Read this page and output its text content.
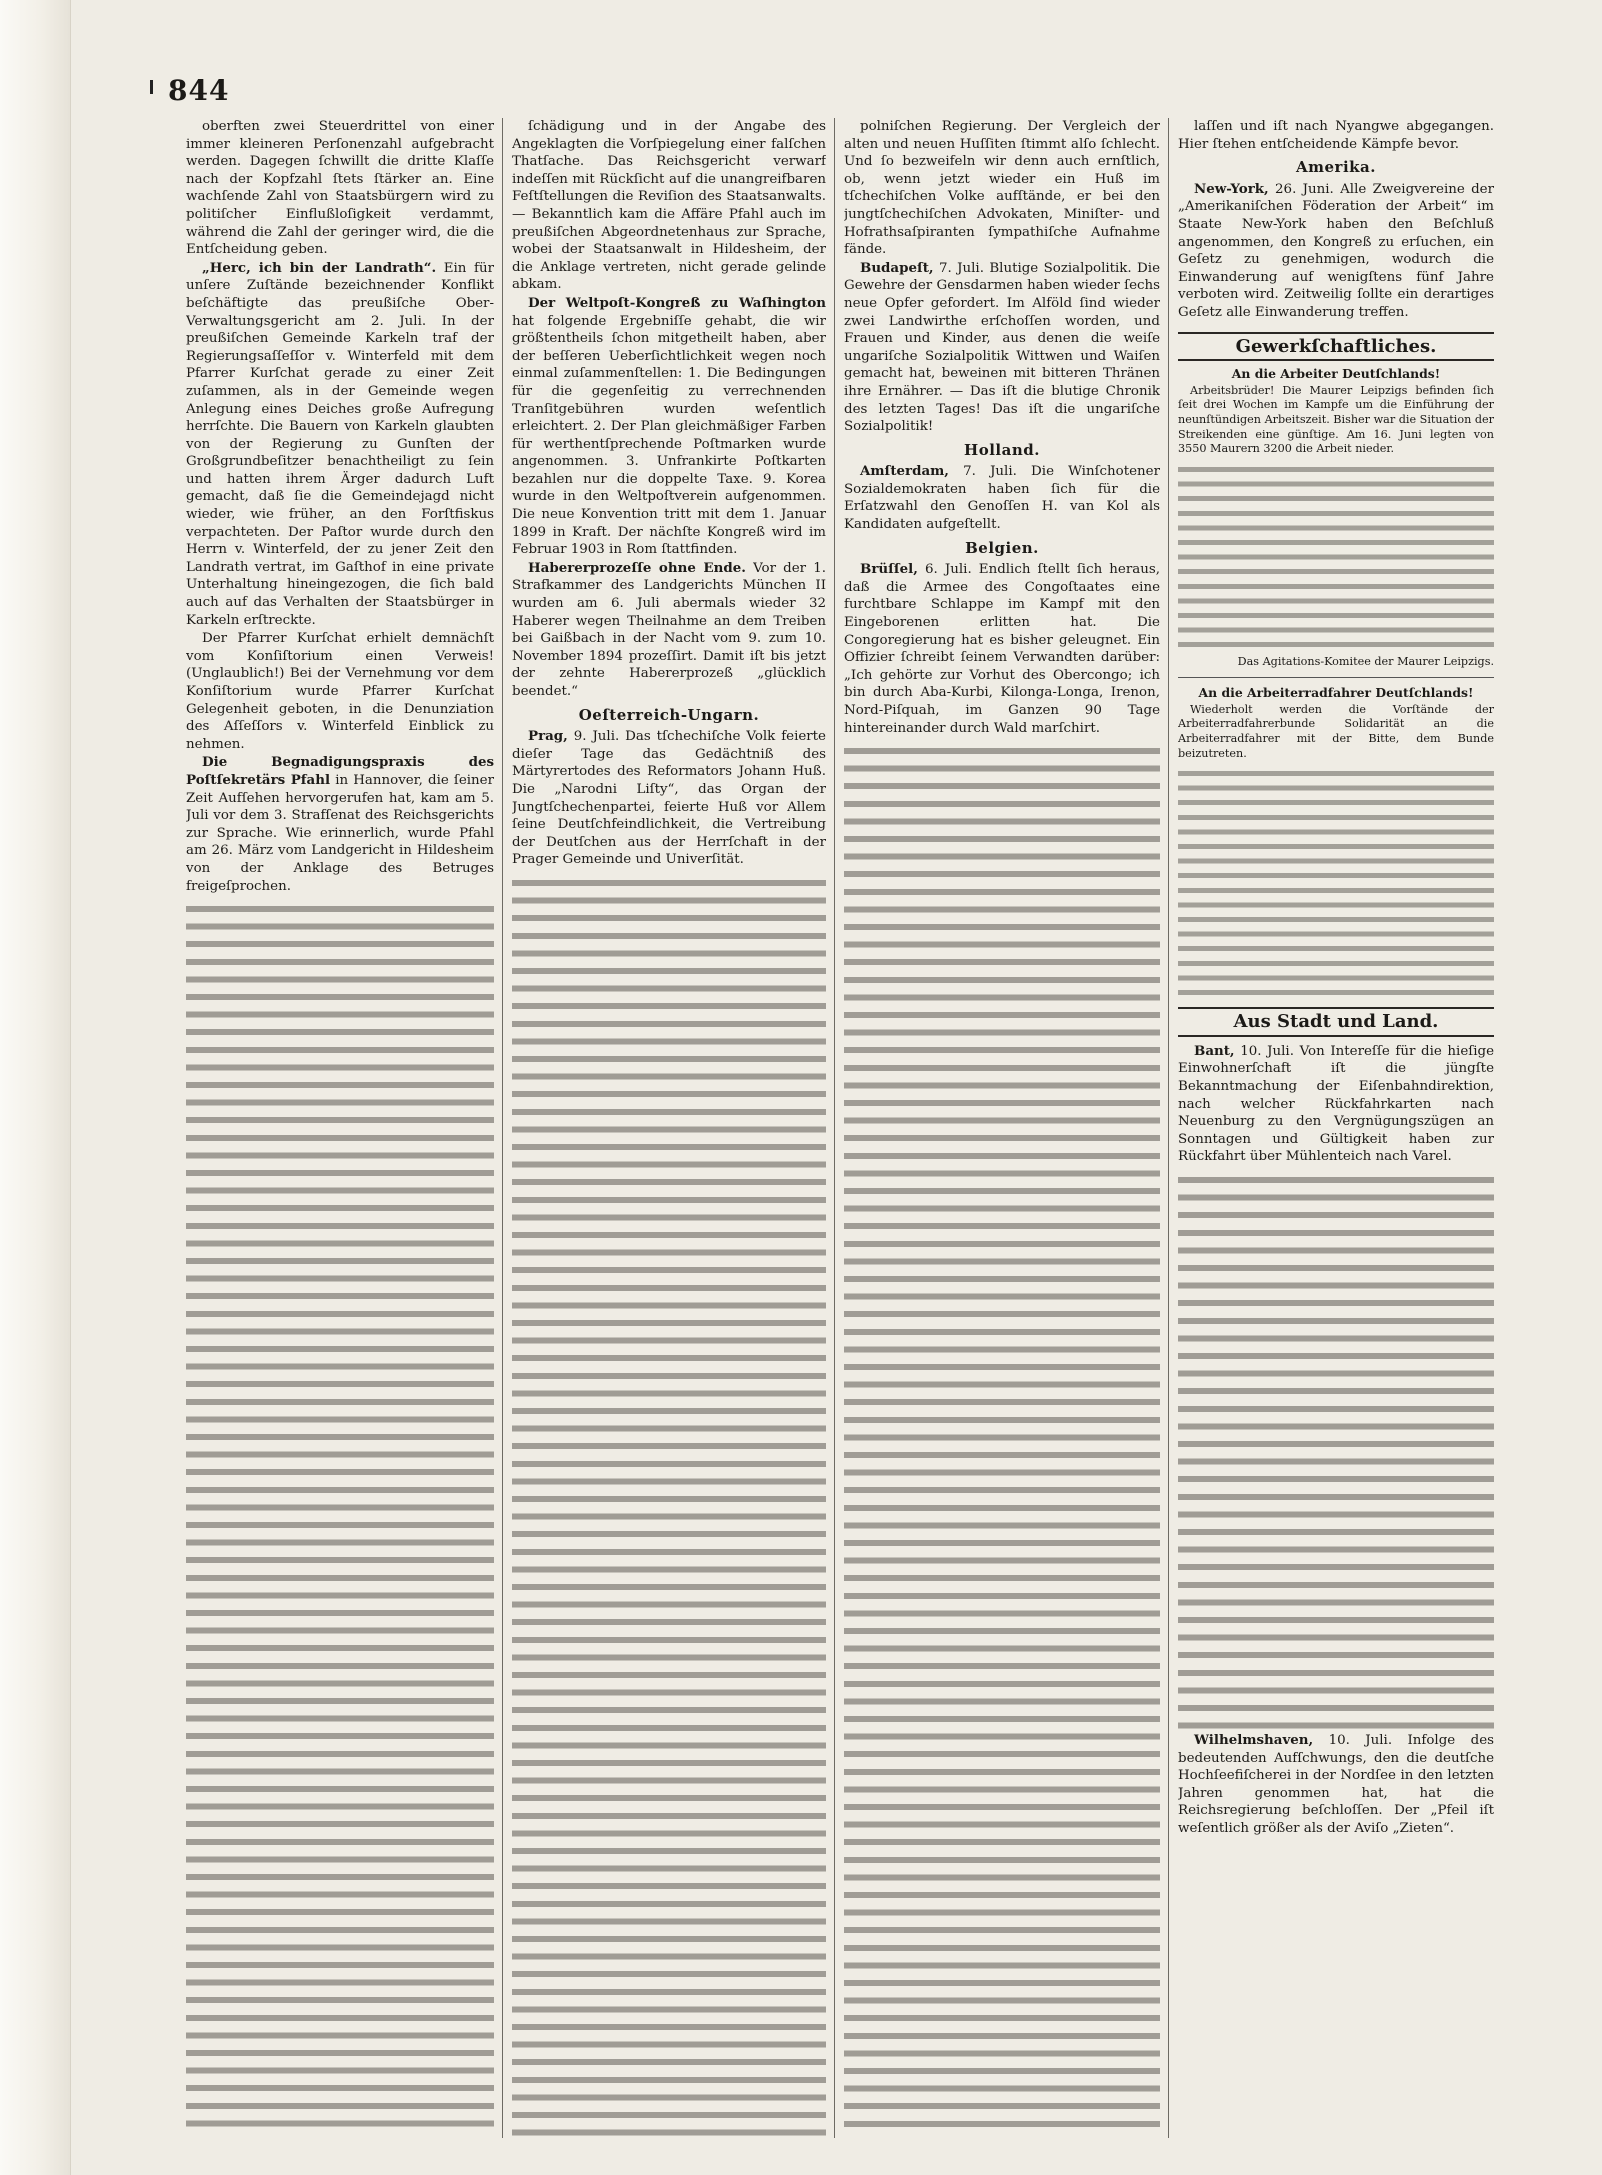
844

oberften zwei Steuerdrittel von einer immer kleineren Perſonenzahl aufgebracht werden. Dagegen ſchwillt die dritte Klaſſe nach der Kopfzahl ſtets ſtärker an. Eine wachſende Zahl von Staatsbürgern wird zu politiſcher Einflußloſigkeit verdammt, während die Zahl der geringer wird, die die Entſcheidung geben.

„Herc, ich bin der Landrath“. Ein für unſere Zuſtände bezeichnender Konflikt beſchäftigte das preußiſche Ober-Verwaltungsgericht am 2. Juli. In der preußiſchen Gemeinde Karkeln traf der Regierungsaſſeſſor v. Winterfeld mit dem Pfarrer Kurſchat gerade zu einer Zeit zuſammen, als in der Gemeinde wegen Anlegung eines Deiches große Aufregung herrſchte. Die Bauern von Karkeln glaubten von der Regierung zu Gunſten der Großgrundbeſitzer benachtheiligt zu ſein und hatten ihrem Ärger dadurch Luft gemacht, daß ſie die Gemeindejagd nicht wieder, wie früher, an den Forſtfiskus verpachteten. Der Paſtor wurde durch den Herrn v. Winterfeld, der zu jener Zeit den Landrath vertrat, im Gaſthof in eine private Unterhaltung hineingezogen, die ſich bald auch auf das Verhalten der Staatsbürger in Karkeln erſtreckte.

Der Pfarrer Kurſchat erhielt demnächſt vom Konſiſtorium einen Verweis! (Unglaublich!) Bei der Vernehmung vor dem Konſiſtorium wurde Pfarrer Kurſchat Gelegenheit geboten, in die Denunziation des Aſſeſſors v. Winterfeld Einblick zu nehmen.

Die Begnadigungspraxis des Poſtſekretärs Pfahl in Hannover, die ſeiner Zeit Aufſehen hervorgerufen hat, kam am 5. Juli vor dem 3. Strafſenat des Reichsgerichts zur Sprache. Wie erinnerlich, wurde Pfahl am 26. März vom Landgericht in Hildesheim von der Anklage des Betruges freigeſprochen.

ſchädigung und in der Angabe des Angeklagten die Vorſpiegelung einer falſchen Thatſache. Das Reichsgericht verwarf indeſſen mit Rückſicht auf die unangreifbaren Feſtſtellungen die Reviſion des Staatsanwalts. — Bekanntlich kam die Affäre Pfahl auch im preußiſchen Abgeordnetenhaus zur Sprache, wobei der Staatsanwalt in Hildesheim, der die Anklage vertreten, nicht gerade gelinde abkam.

Der Weltpoſt-Kongreß zu Waſhington hat folgende Ergebniſſe gehabt, die wir größtentheils ſchon mitgetheilt haben, aber der beſſeren Ueberſichtlichkeit wegen noch einmal zuſammenſtellen: 1. Die Bedingungen für die gegenſeitig zu verrechnenden Tranſitgebühren wurden weſentlich erleichtert. 2. Der Plan gleichmäßiger Farben für werthentſprechende Poſtmarken wurde angenommen. 3. Unfrankirte Poſtkarten bezahlen nur die doppelte Taxe. 9. Korea wurde in den Weltpoſtverein aufgenommen. Die neue Konvention tritt mit dem 1. Januar 1899 in Kraft. Der nächſte Kongreß wird im Februar 1903 in Rom ſtattfinden.

Habererprozeſſe ohne Ende. Vor der 1. Strafkammer des Landgerichts München II wurden am 6. Juli abermals wieder 32 Haberer wegen Theilnahme an dem Treiben bei Gaißbach in der Nacht vom 9. zum 10. November 1894 prozeſſirt. Damit iſt bis jetzt der zehnte Habererprozeß „glücklich beendet.“

Oeſterreich-Ungarn.

Prag, 9. Juli. Das tſchechiſche Volk feierte dieſer Tage das Gedächtniß des Märtyrertodes des Reformators Johann Huß. Die „Narodni Liſty“, das Organ der Jungtſchechenpartei, feierte Huß vor Allem ſeine Deutſchfeindlichkeit, die Vertreibung der Deutſchen aus der Herrſchaft in der Prager Gemeinde und Univerſität.

polniſchen Regierung. Der Vergleich der alten und neuen Huſſiten ſtimmt alſo ſchlecht. Und ſo bezweifeln wir denn auch ernſtlich, ob, wenn jetzt wieder ein Huß im tſchechiſchen Volke aufſtände, er bei den jungtſchechiſchen Advokaten, Miniſter- und Hofrathsaſpiranten ſympathiſche Aufnahme fände.

Budapeſt, 7. Juli. Blutige Sozialpolitik. Die Gewehre der Gensdarmen haben wieder ſechs neue Opfer gefordert. Im Alföld ſind wieder zwei Landwirthe erſchoſſen worden, und Frauen und Kinder, aus denen die weiſe ungariſche Sozialpolitik Wittwen und Waiſen gemacht hat, beweinen mit bitteren Thränen ihre Ernährer. — Das iſt die blutige Chronik des letzten Tages! Das iſt die ungariſche Sozialpolitik!

Holland.

Amſterdam, 7. Juli. Die Winſchotener Sozialdemokraten haben ſich für die Erſatzwahl den Genoſſen H. van Kol als Kandidaten aufgeſtellt.

Belgien.

Brüſſel, 6. Juli. Endlich ſtellt ſich heraus, daß die Armee des Congoſtaates eine furchtbare Schlappe im Kampf mit den Eingeborenen erlitten hat. Die Congoregierung hat es bisher geleugnet. Ein Offizier ſchreibt ſeinem Verwandten darüber: „Ich gehörte zur Vorhut des Obercongo; ich bin durch Aba-Kurbi, Kilonga-Longa, Irenon, Nord-Piſquah, im Ganzen 90 Tage hintereinander durch Wald marſchirt.

laſſen und iſt nach Nyangwe abgegangen. Hier ſtehen entſcheidende Kämpfe bevor.

Amerika.

New-York, 26. Juni. Alle Zweigvereine der „Amerikaniſchen Föderation der Arbeit“ im Staate New-York haben den Beſchluß angenommen, den Kongreß zu erſuchen, ein Geſetz zu genehmigen, wodurch die Einwanderung auf wenigſtens fünf Jahre verboten wird. Zeitweilig ſollte ein derartiges Geſetz alle Einwanderung treffen.

Gewerkſchaftliches.
An die Arbeiter Deutſchlands!

Arbeitsbrüder! Die Maurer Leipzigs befinden ſich ſeit drei Wochen im Kampfe um die Einführung der neunſtündigen Arbeitszeit. Bisher war die Situation der Streikenden eine günſtige. Am 16. Juni legten von 3550 Maurern 3200 die Arbeit nieder.

Das Agitations-Komitee der Maurer Leipzigs.
An die Arbeiterradfahrer Deutſchlands!

Wiederholt werden die Vorſtände der Arbeiterradfahrerbunde Solidarität an die Arbeiterradfahrer mit der Bitte, dem Bunde beizutreten.

Aus Stadt und Land.

Bant, 10. Juli. Von Intereſſe für die hieſige Einwohnerſchaft iſt die jüngſte Bekanntmachung der Eiſenbahndirektion, nach welcher Rückfahrkarten nach Neuenburg zu den Vergnügungszügen an Sonntagen und Gültigkeit haben zur Rückfahrt über Mühlenteich nach Varel.

Wilhelmshaven, 10. Juli. Infolge des bedeutenden Aufſchwungs, den die deutſche Hochſeefiſcherei in der Nordſee in den letzten Jahren genommen hat, hat die Reichsregierung beſchloſſen. Der „Pfeil iſt weſentlich größer als der Aviſo „Zieten“.
